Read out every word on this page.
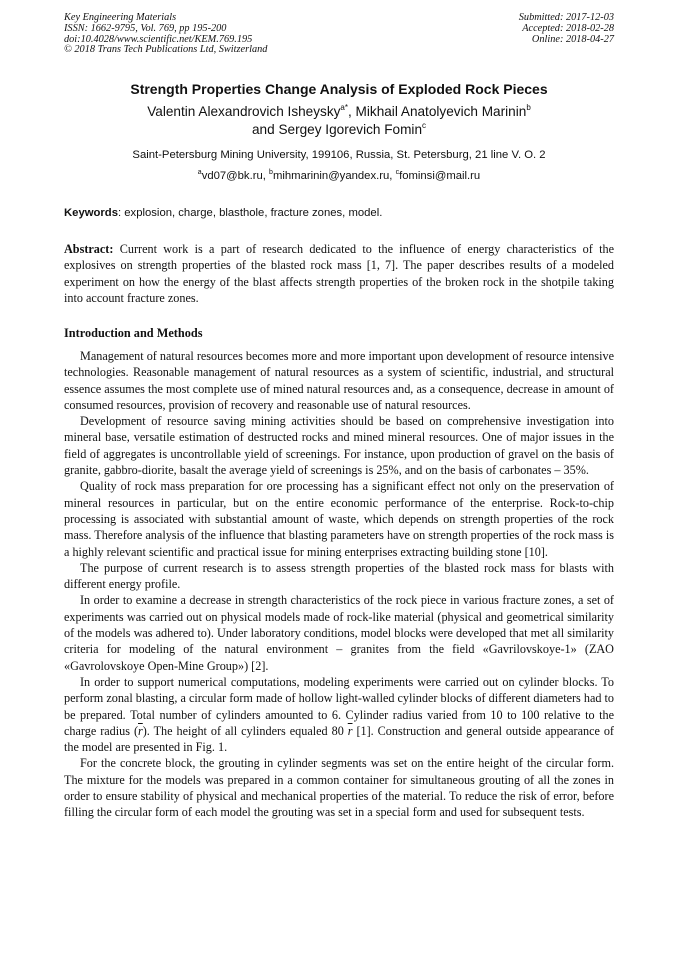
Key Engineering Materials
ISSN: 1662-9795, Vol. 769, pp 195-200
doi:10.4028/www.scientific.net/KEM.769.195
© 2018 Trans Tech Publications Ltd, Switzerland
Submitted: 2017-12-03
Accepted: 2018-02-28
Online: 2018-04-27
Strength Properties Change Analysis of Exploded Rock Pieces
Valentin Alexandrovich Isheysky$^{a*}$, Mikhail Anatolyevich Marinin$^b$
and Sergey Igorevich Fomin$^c$
Saint-Petersburg Mining University, 199106, Russia, St. Petersburg, 21 line V. O. 2
$^a$vd07@bk.ru, $^b$mihmarinin@yandex.ru, $^c$fominsi@mail.ru
Keywords: explosion, charge, blasthole, fracture zones, model.
Abstract: Current work is a part of research dedicated to the influence of energy characteristics of the explosives on strength properties of the blasted rock mass [1, 7]. The paper describes results of a modeled experiment on how the energy of the blast affects strength properties of the broken rock in the shotpile taking into account fracture zones.
Introduction and Methods

Management of natural resources becomes more and more important upon development of resource intensive technologies. Reasonable management of natural resources as a system of scientific, industrial, and structural essence assumes the most complete use of mined natural resources and, as a consequence, decrease in amount of consumed resources, provision of recovery and reasonable use of natural resources.

Development of resource saving mining activities should be based on comprehensive investigation into mineral base, versatile estimation of destructed rocks and mined mineral resources. One of major issues in the field of aggregates is uncontrollable yield of screenings. For instance, upon production of gravel on the basis of granite, gabbro-diorite, basalt the average yield of screenings is 25%, and on the basis of carbonates – 35%.

Quality of rock mass preparation for ore processing has a significant effect not only on the preservation of mineral resources in particular, but on the entire economic performance of the enterprise. Rock-to-chip processing is associated with substantial amount of waste, which depends on strength properties of the rock mass. Therefore analysis of the influence that blasting parameters have on strength properties of the rock mass is a highly relevant scientific and practical issue for mining enterprises extracting building stone [10].

The purpose of current research is to assess strength properties of the blasted rock mass for blasts with different energy profile.

In order to examine a decrease in strength characteristics of the rock piece in various fracture zones, a set of experiments was carried out on physical models made of rock-like material (physical and geometrical similarity of the models was adhered to). Under laboratory conditions, model blocks were developed that met all similarity criteria for modeling of the natural environment – granites from the field «Gavrilovskoye-1» (ZAO «Gavrolovskoye Open-Mine Group») [2].

In order to support numerical computations, modeling experiments were carried out on cylinder blocks. To perform zonal blasting, a circular form made of hollow light-walled cylinder blocks of different diameters had to be prepared. Total number of cylinders amounted to 6. Cylinder radius varied from 10 to 100 relative to the charge radius $(\overline{r})$. The height of all cylinders equaled 80 $\overline{r}$ [1]. Construction and general outside appearance of the model are presented in Fig. 1.

For the concrete block, the grouting in cylinder segments was set on the entire height of the circular form. The mixture for the models was prepared in a common container for simultaneous grouting of all the zones in order to ensure stability of physical and mechanical properties of the material. To reduce the risk of error, before filling the circular form of each model the grouting was set in a special form and used for subsequent tests.
